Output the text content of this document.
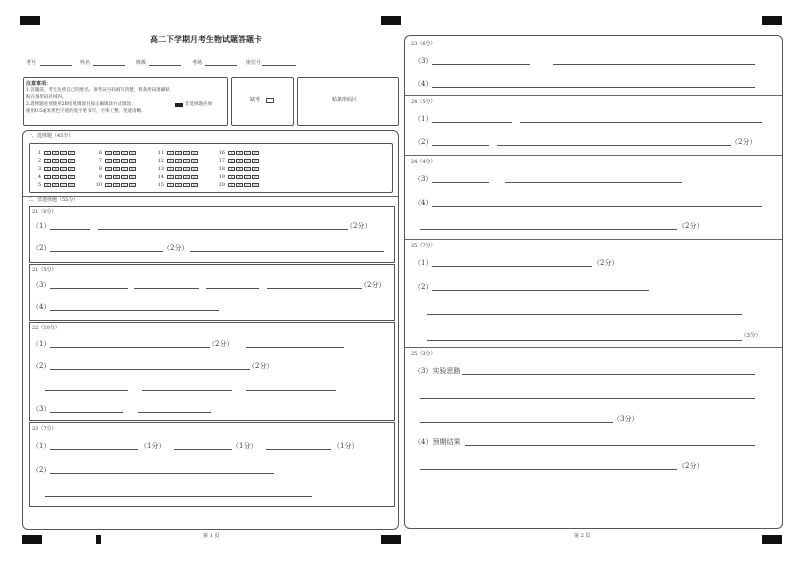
高二下学期月考生物试题答题卡
考号	姓名	班级	考场	座位号
注意事项：
1.答题前，考生先将自己的姓名、准考证号码填写清楚，将条形码准确粘
贴在条形码区域内。
2.选择题必须使用2B铅笔填涂且按正确填涂方式填涂；
使用0.5毫米黑色字迹的签字笔书写，字体工整、笔迹清晰。
非选择题必须
缺考	贴条形码区
一、选择题（45分）
1 A B C D
2 A B C D
3 A B C D
4 A B C D
5 A B C D
6 A B C D
7 A B C D
8 A B C D
9 A B C D
10 A B C D
11 A B C D
12 A B C D
13 A B C D
14 A B C D
15 A B C D
16 A B C D
17 A B C D
18 A B C D
19 A B C D
20 A B C D
二、非选择题（55分）
21（6分）
（1）	（2分）
（2）	（2分）
21（5分）
（3）	（2分）
（4）
22（10分）
（1）	（2分）
（2）	（2分）
（3）
23（7分）
（1）	（1分）	（1分）	（1分）
（2）
第 1 页
23（6分）
（3）
（4）
24（5分）
（1）
（2）	（2分）
24（4分）
（3）
（4）
（2分）
25（7分）
（1）	（2分）
（2）
（3分）
25（3分）
（3）实验思路
（3分）
（4）预期结果
（2分）
第 2 页
